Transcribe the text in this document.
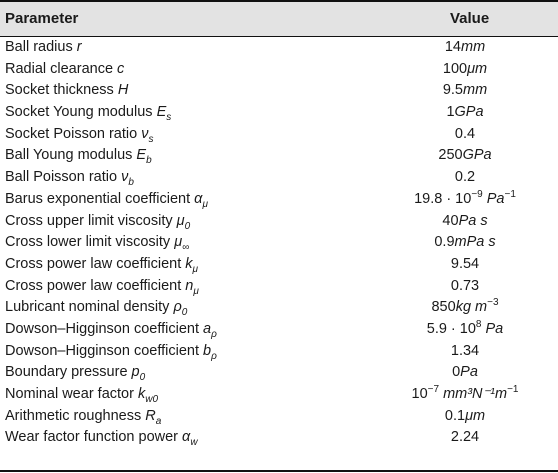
Parameter	Value
Ball radius r	14mm
Radial clearance c	100μm
Socket thickness H	9.5mm
Socket Young modulus $E_s$	1GPa
Socket Poisson ratio $\nu_s$	0.4
Ball Young modulus $E_b$	250GPa
Ball Poisson ratio $\nu_b$	0.2
Barus exponential coefficient $\alpha_\mu$	$19.8 \cdot 10^{-9}$ $Pa^{-1}$
Cross upper limit viscosity $\mu_0$	40Pa s
Cross lower limit viscosity $\mu_\infty$	0.9mPa s
Cross power law coefficient $k_\mu$	9.54
Cross power law coefficient $n_\mu$	0.73
Lubricant nominal density $\rho_0$	850kg $m^{-3}$
Dowson–Higginson coefficient $a_\rho$	$5.9 \cdot 10^8$ Pa
Dowson–Higginson coefficient $b_\rho$	1.34
Boundary pressure $p_0$	0Pa
Nominal wear factor $k_{w0}$	$10^{-7}$ $mm^3N^{-1}m^{-1}$
Arithmetic roughness $R_a$	0.1μm
Wear factor function power $\alpha_w$	2.24
